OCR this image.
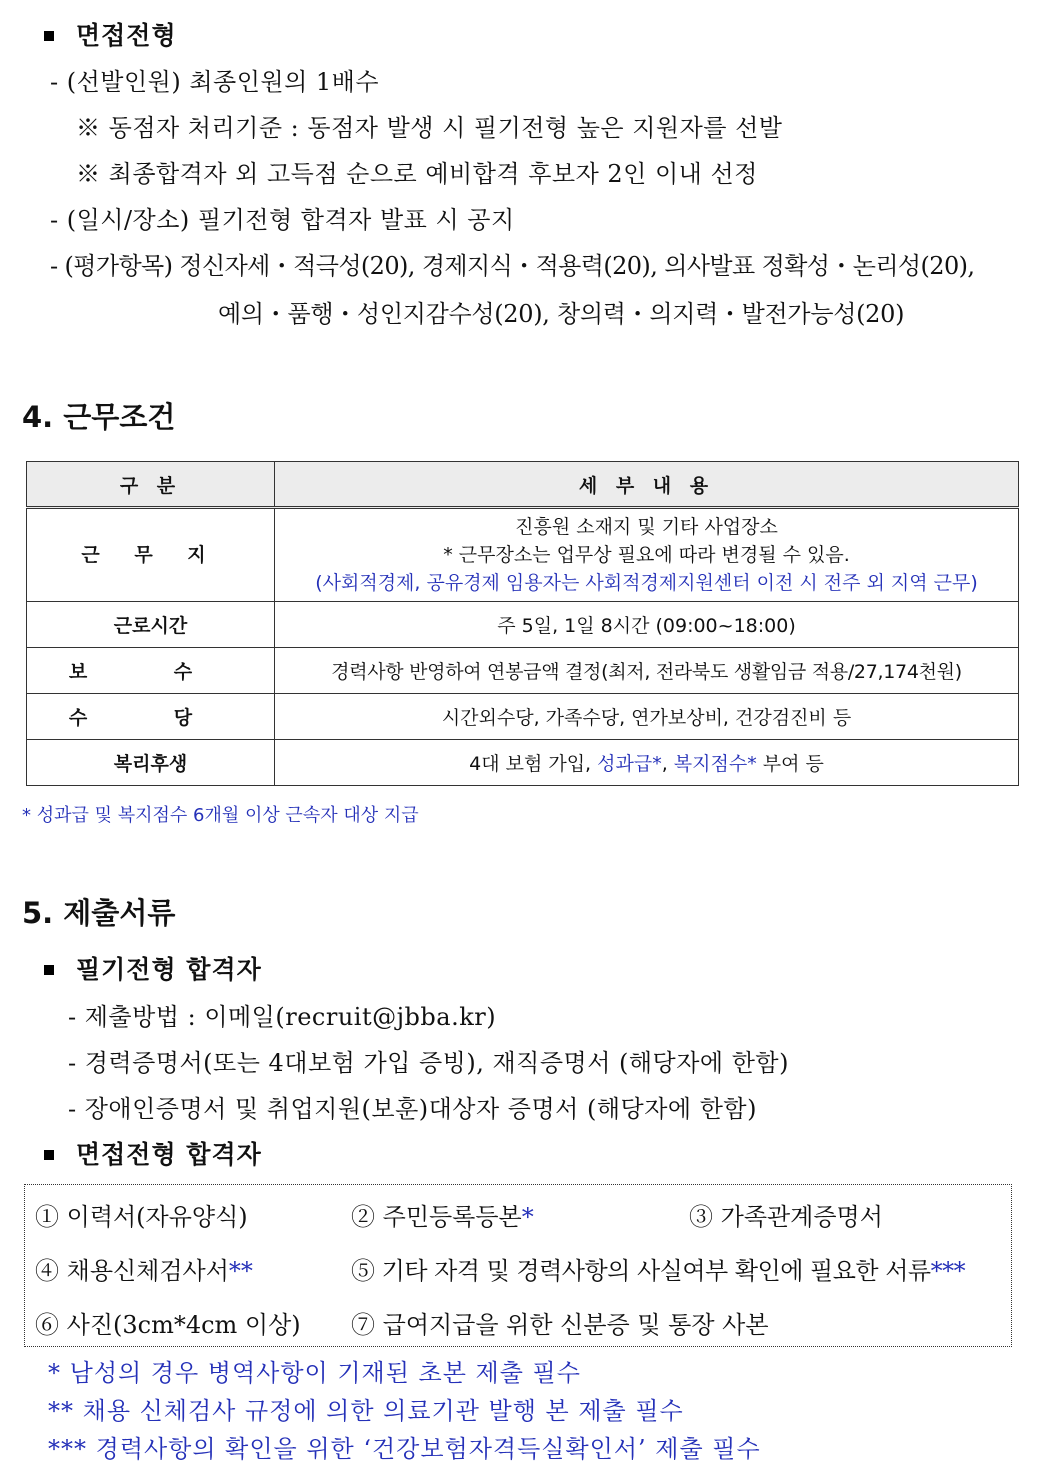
면접전형
- (선발인원) 최종인원의 1배수
※ 동점자 처리기준 : 동점자 발생 시 필기전형 높은 지원자를 선발
※ 최종합격자 외 고득점 순으로 예비합격 후보자 2인 이내 선정
- (일시/장소) 필기전형 합격자 발표 시 공지
- (평가항목) 정신자세・적극성(20), 경제지식・적용력(20), 의사발표 정확성・논리성(20),
예의・품행・성인지감수성(20), 창의력・의지력・발전가능성(20)
4. 근무조건
구 분	세 부 내 용
근 무 지	진흥원 소재지 및 기타 사업장소
* 근무장소는 업무상 필요에 따라 변경될 수 있음.
(사회적경제, 공유경제 임용자는 사회적경제지원센터 이전 시 전주 외 지역 근무)

근로시간	주 5일, 1일 8시간 (09:00~18:00)
보 수	경력사항 반영하여 연봉금액 결정(최저, 전라북도 생활임금 적용/27,174천원)
수 당	시간외수당, 가족수당, 연가보상비, 건강검진비 등
복리후생	4대 보험 가입, 성과급*, 복지점수* 부여 등
* 성과급 및 복지점수 6개월 이상 근속자 대상 지급
5. 제출서류
필기전형 합격자
- 제출방법 : 이메일(recruit@jbba.kr)
- 경력증명서(또는 4대보험 가입 증빙), 재직증명서 (해당자에 한함)
- 장애인증명서 및 취업지원(보훈)대상자 증명서 (해당자에 한함)
면접전형 합격자
① 이력서(자유양식)	② 주민등록등본*	③ 가족관계증명서
④ 채용신체검사서**	⑤ 기타 자격 및 경력사항의 사실여부 확인에 필요한 서류***
⑥ 사진(3cm*4cm 이상) ⑦ 급여지급을 위한 신분증 및 통장 사본
* 남성의 경우 병역사항이 기재된 초본 제출 필수
** 채용 신체검사 규정에 의한 의료기관 발행 본 제출 필수
*** 경력사항의 확인을 위한 ‘건강보험자격득실확인서’ 제출 필수
